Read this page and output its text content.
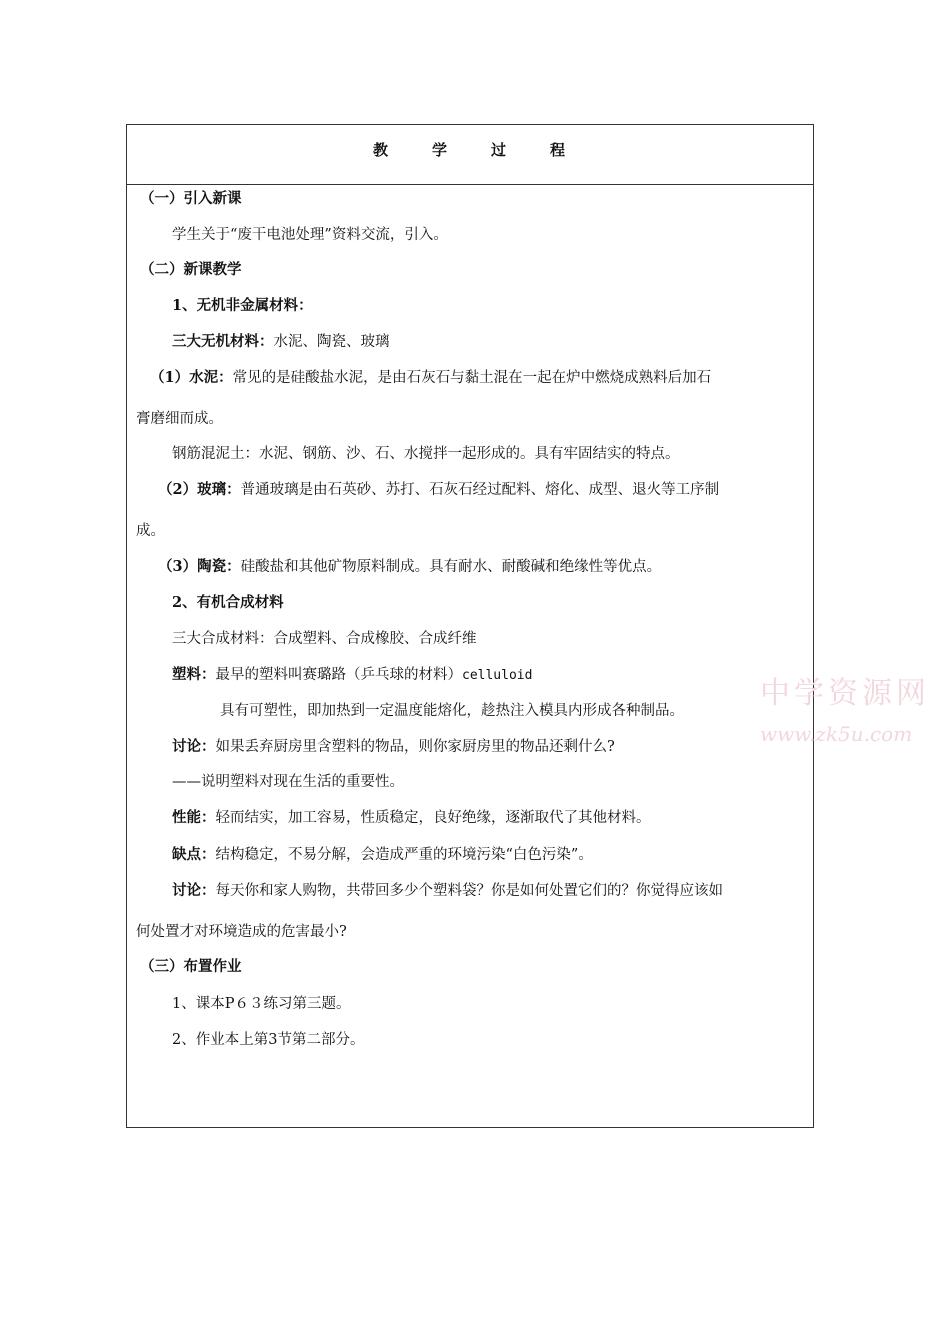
教	学	过	程
（一）引入新课
学生关于“废干电池处理”资料交流，引入。
（二）新课教学
1、无机非金属材料：
三大无机材料：水泥、陶瓷、玻璃
（1）水泥：常见的是硅酸盐水泥，是由石灰石与黏土混在一起在炉中燃烧成熟料后加石
膏磨细而成。
钢筋混泥土：水泥、钢筋、沙、石、水搅拌一起形成的。具有牢固结实的特点。
（2）玻璃：普通玻璃是由石英砂、苏打、石灰石经过配料、熔化、成型、退火等工序制
成。
（3）陶瓷：硅酸盐和其他矿物原料制成。具有耐水、耐酸碱和绝缘性等优点。
2、有机合成材料
三大合成材料：合成塑料、合成橡胶、合成纤维
塑料：最早的塑料叫赛璐路（乒乓球的材料）celluloid
具有可塑性，即加热到一定温度能熔化，趁热注入模具内形成各种制品。
讨论：如果丢弃厨房里含塑料的物品，则你家厨房里的物品还剩什么?
——说明塑料对现在生活的重要性。
性能：轻而结实，加工容易，性质稳定，良好绝缘，逐渐取代了其他材料。
缺点：结构稳定，不易分解，会造成严重的环境污染“白色污染”。
讨论：每天你和家人购物，共带回多少个塑料袋？你是如何处置它们的？你觉得应该如
何处置才对环境造成的危害最小?
（三）布置作业
1、课本P６３练习第三题。
2、作业本上第3节第二部分。
中学资源网
www.zk5u.com
